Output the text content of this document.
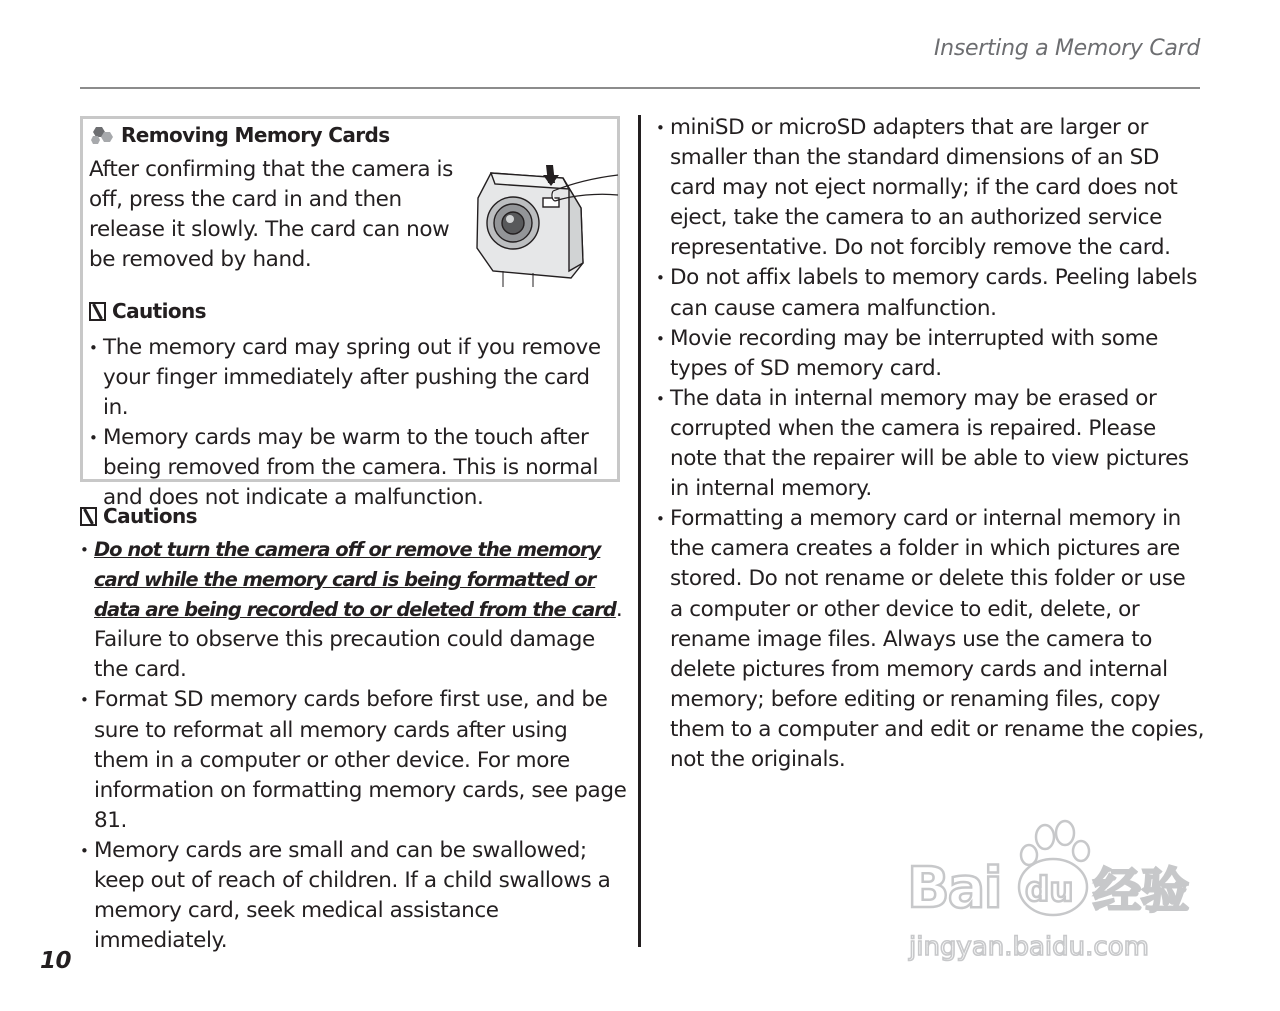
Inserting a Memory Card
Removing Memory Cards
After confirming that the camera is off, press the card in and then release it slowly. The card can now be removed by hand.
Cautions
• The memory card may spring out if you remove your finger immediately after pushing the card in.
• Memory cards may be warm to the touch after being removed from the camera. This is normal and does not indicate a malfunction.
Cautions
• Do not turn the camera off or remove the memory card while the memory card is being formatted or data are being recorded to or deleted from the card. Failure to observe this precaution could damage the card.
• Format SD memory cards before first use, and be sure to reformat all memory cards after using them in a computer or other device. For more information on formatting memory cards, see page 81.
• Memory cards are small and can be swallowed; keep out of reach of children. If a child swallows a memory card, seek medical assistance immediately.
• miniSD or microSD adapters that are larger or smaller than the standard dimensions of an SD card may not eject normally; if the card does not eject, take the camera to an authorized service representative. Do not forcibly remove the card.
• Do not affix labels to memory cards. Peeling labels can cause camera malfunction.
• Movie recording may be interrupted with some types of SD memory card.
• The data in internal memory may be erased or corrupted when the camera is repaired. Please note that the repairer will be able to view pictures in internal memory.
• Formatting a memory card or internal memory in the camera creates a folder in which pictures are stored. Do not rename or delete this folder or use a computer or other device to edit, delete, or rename image files. Always use the camera to delete pictures from memory cards and internal memory; before editing or renaming files, copy them to a computer and edit or rename the copies, not the originals.
10
Bai du 经验
jingyan.baidu.com
